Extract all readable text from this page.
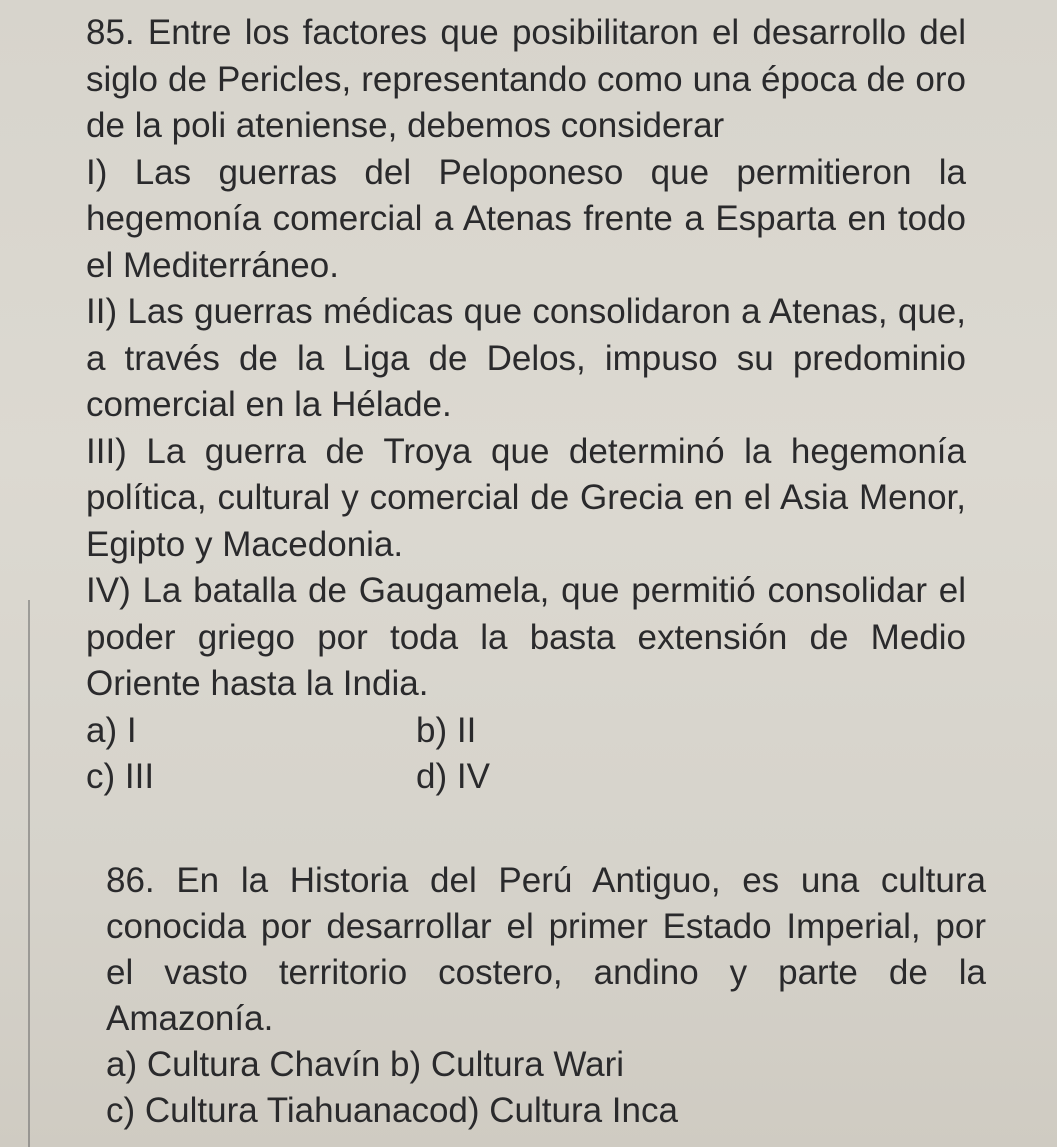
85. Entre los factores que posibilitaron el desarrollo del siglo de Pericles, representando como una época de oro de la poli ateniense, debemos considerar

I) Las guerras del Peloponeso que permitieron la hegemonía comercial a Atenas frente a Esparta en todo el Mediterráneo.

II) Las guerras médicas que consolidaron a Atenas, que, a través de la Liga de Delos, impuso su predominio comercial en la Hélade.

III) La guerra de Troya que determinó la hegemonía política, cultural y comercial de Grecia en el Asia Menor, Egipto y Macedonia.

IV) La batalla de Gaugamela, que permitió consolidar el poder griego por toda la basta extensión de Medio Oriente hasta la India.

a) I	b) II
c) III	d) IV

86. En la Historia del Perú Antiguo, es una cultura conocida por desarrollar el primer Estado Imperial, por el vasto territorio costero, andino y parte de la Amazonía.

a) Cultura Chavín b) Cultura Wari
c) Cultura Tiahuanacod) Cultura Inca
